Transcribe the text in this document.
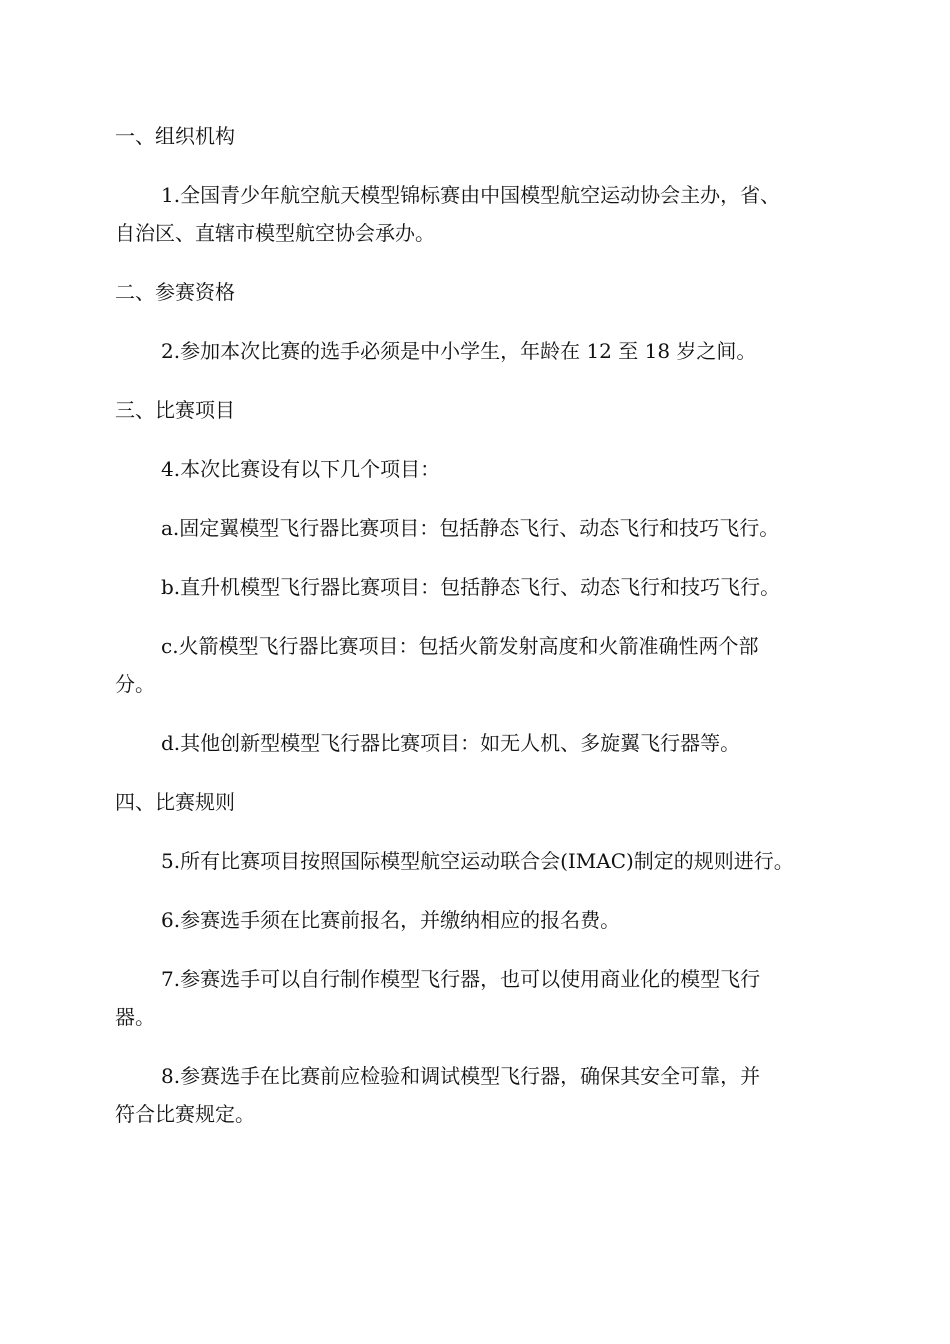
一、组织机构

1.全国青少年航空航天模型锦标赛由中国模型航空运动协会主办，省、

自治区、直辖市模型航空协会承办。

二、参赛资格

2.参加本次比赛的选手必须是中小学生，年龄在 12 至 18 岁之间。

三、比赛项目

4.本次比赛设有以下几个项目：

a.固定翼模型飞行器比赛项目：包括静态飞行、动态飞行和技巧飞行。

b.直升机模型飞行器比赛项目：包括静态飞行、动态飞行和技巧飞行。

c.火箭模型飞行器比赛项目：包括火箭发射高度和火箭准确性两个部

分。

d.其他创新型模型飞行器比赛项目：如无人机、多旋翼飞行器等。

四、比赛规则

5.所有比赛项目按照国际模型航空运动联合会(IMAC)制定的规则进行。

6.参赛选手须在比赛前报名，并缴纳相应的报名费。

7.参赛选手可以自行制作模型飞行器，也可以使用商业化的模型飞行

器。

8.参赛选手在比赛前应检验和调试模型飞行器，确保其安全可靠，并

符合比赛规定。
